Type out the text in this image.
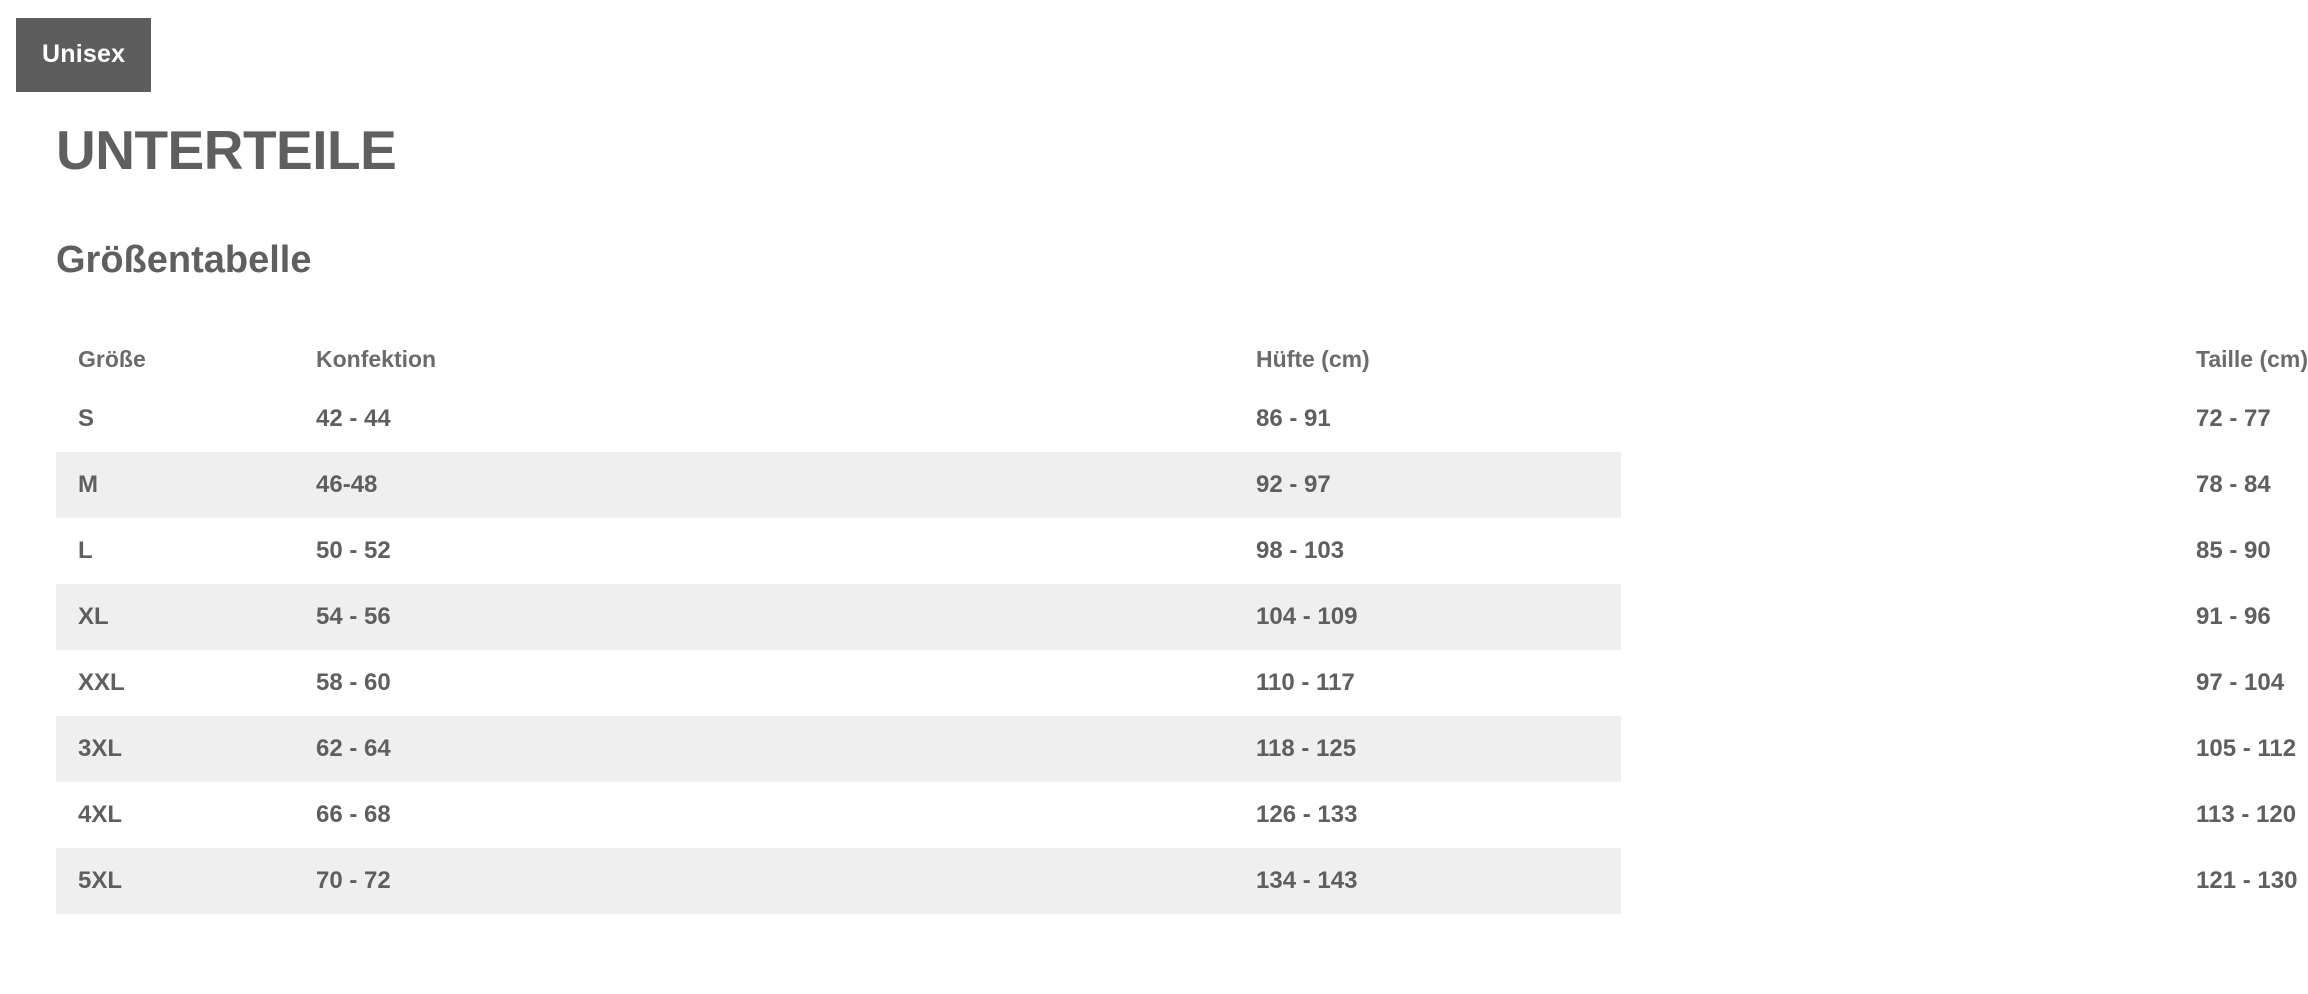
Unisex
UNTERTEILE
Größentabelle
Größe	Konfektion	Hüfte (cm)	Taille (cm)
S	42 - 44	86 - 91	72 - 77
M	46-48	92 - 97	78 - 84
L	50 - 52	98 - 103	85 - 90
XL	54 - 56	104 - 109	91 - 96
XXL	58 - 60	110 - 117	97 - 104
3XL	62 - 64	118 - 125	105 - 112
4XL	66 - 68	126 - 133	113 - 120
5XL	70 - 72	134 - 143	121 - 130
